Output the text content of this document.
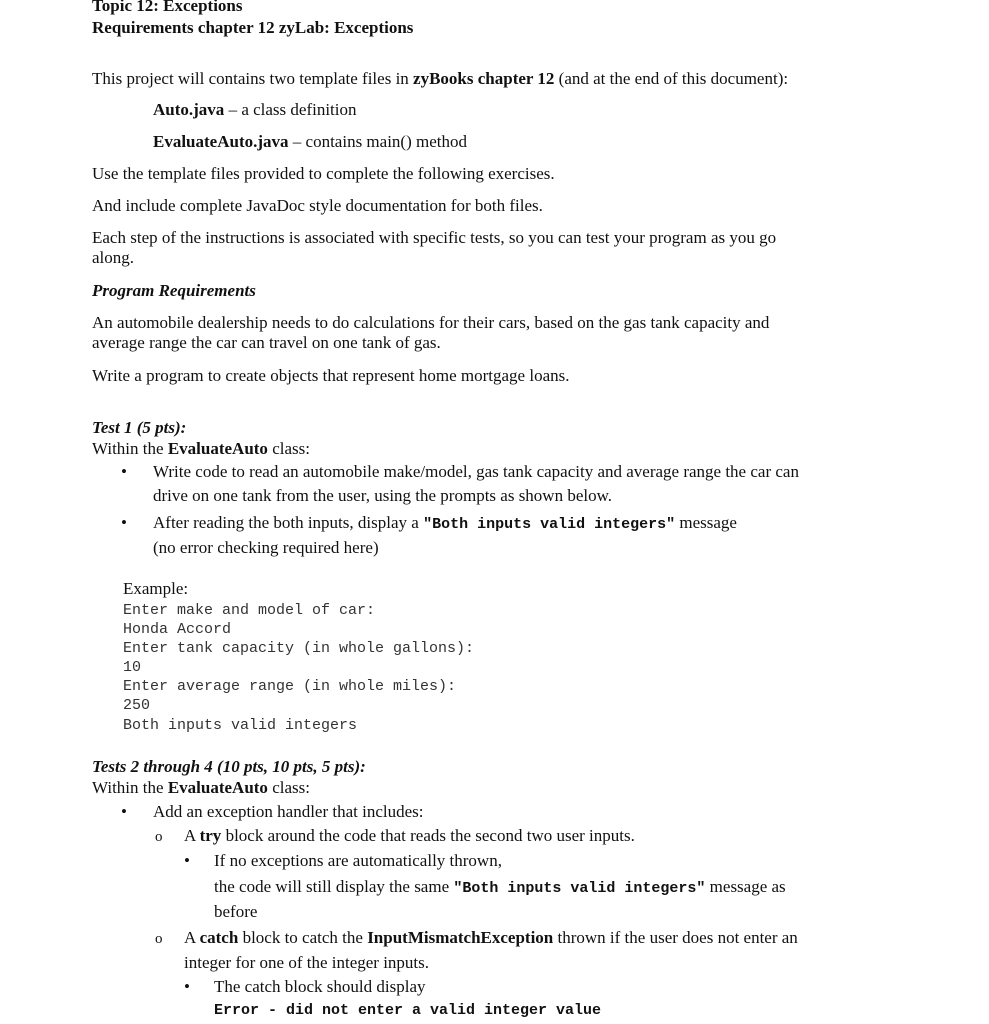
Topic 12: Exceptions
Requirements chapter 12 zyLab: Exceptions
This project will contains two template files in zyBooks chapter 12 (and at the end of this document):
Auto.java – a class definition
EvaluateAuto.java – contains main() method
Use the template files provided to complete the following exercises.
And include complete JavaDoc style documentation for both files.
Each step of the instructions is associated with specific tests, so you can test your program as you go
along.
Program Requirements
An automobile dealership needs to do calculations for their cars, based on the gas tank capacity and
average range the car can travel on one tank of gas.
Write a program to create objects that represent home mortgage loans.
Test 1 (5 pts):
Within the EvaluateAuto class:
• Write code to read an automobile make/model, gas tank capacity and average range the car can
drive on one tank from the user, using the prompts as shown below.
• After reading the both inputs, display a "Both inputs valid integers" message
(no error checking required here)
Example:
Enter make and model of car:
Honda Accord
Enter tank capacity (in whole gallons):
10
Enter average range (in whole miles):
250
Both inputs valid integers
Tests 2 through 4 (10 pts, 10 pts, 5 pts):
Within the EvaluateAuto class:
• Add an exception handler that includes:
o A try block around the code that reads the second two user inputs.
• If no exceptions are automatically thrown,
the code will still display the same "Both inputs valid integers" message as
before
o A catch block to catch the InputMismatchException thrown if the user does not enter an
integer for one of the integer inputs.
• The catch block should display
Error - did not enter a valid integer value
